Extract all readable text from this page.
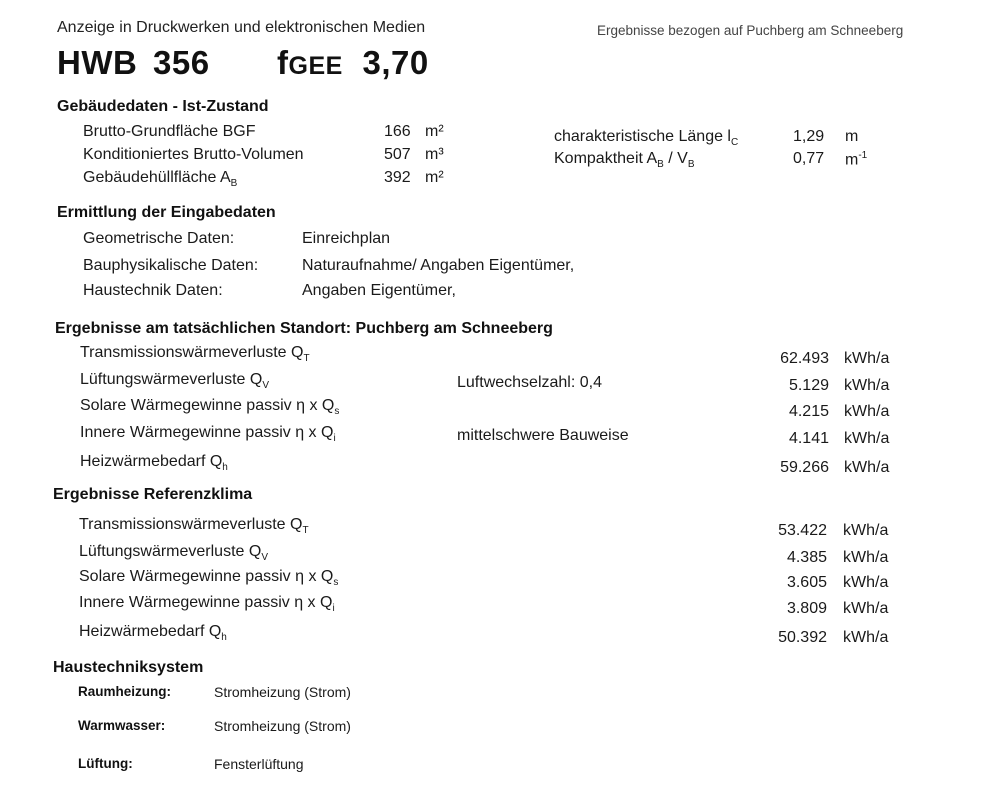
Anzeige in Druckwerken und elektronischen Medien	Ergebnisse bezogen auf Puchberg am Schneeberg
HWB 356 fGEE 3,70
Gebäudedaten - Ist-Zustand
Brutto-Grundfläche BGF	166 m²
Konditioniertes Brutto-Volumen	507 m³
Gebäudehüllfläche $A_B$	392 m²
charakteristische Länge $l_C$	1,29 m
Kompaktheit $A_B / V_B$	0,77 $m^{-1}$
Ermittlung der Eingabedaten
Geometrische Daten:	Einreichplan
Bauphysikalische Daten:	Naturaufnahme/ Angaben Eigentümer,
Haustechnik Daten:	Angaben Eigentümer,
Ergebnisse am tatsächlichen Standort: Puchberg am Schneeberg
Transmissionswärmeverluste $Q_T$	62.493 kWh/a
Lüftungswärmeverluste $Q_V$	Luftwechselzahl: 0,4	5.129 kWh/a
Solare Wärmegewinne passiv η x $Q_s$	4.215 kWh/a
Innere Wärmegewinne passiv η x $Q_i$	mittelschwere Bauweise	4.141 kWh/a
Heizwärmebedarf $Q_h$	59.266 kWh/a
Ergebnisse Referenzklima
Transmissionswärmeverluste $Q_T$	53.422 kWh/a
Lüftungswärmeverluste $Q_V$	4.385 kWh/a
Solare Wärmegewinne passiv η x $Q_s$	3.605 kWh/a
Innere Wärmegewinne passiv η x $Q_i$	3.809 kWh/a
Heizwärmebedarf $Q_h$	50.392 kWh/a
Haustechniksystem
Raumheizung:	Stromheizung (Strom)
Warmwasser:	Stromheizung (Strom)
Lüftung:	Fensterlüftung
